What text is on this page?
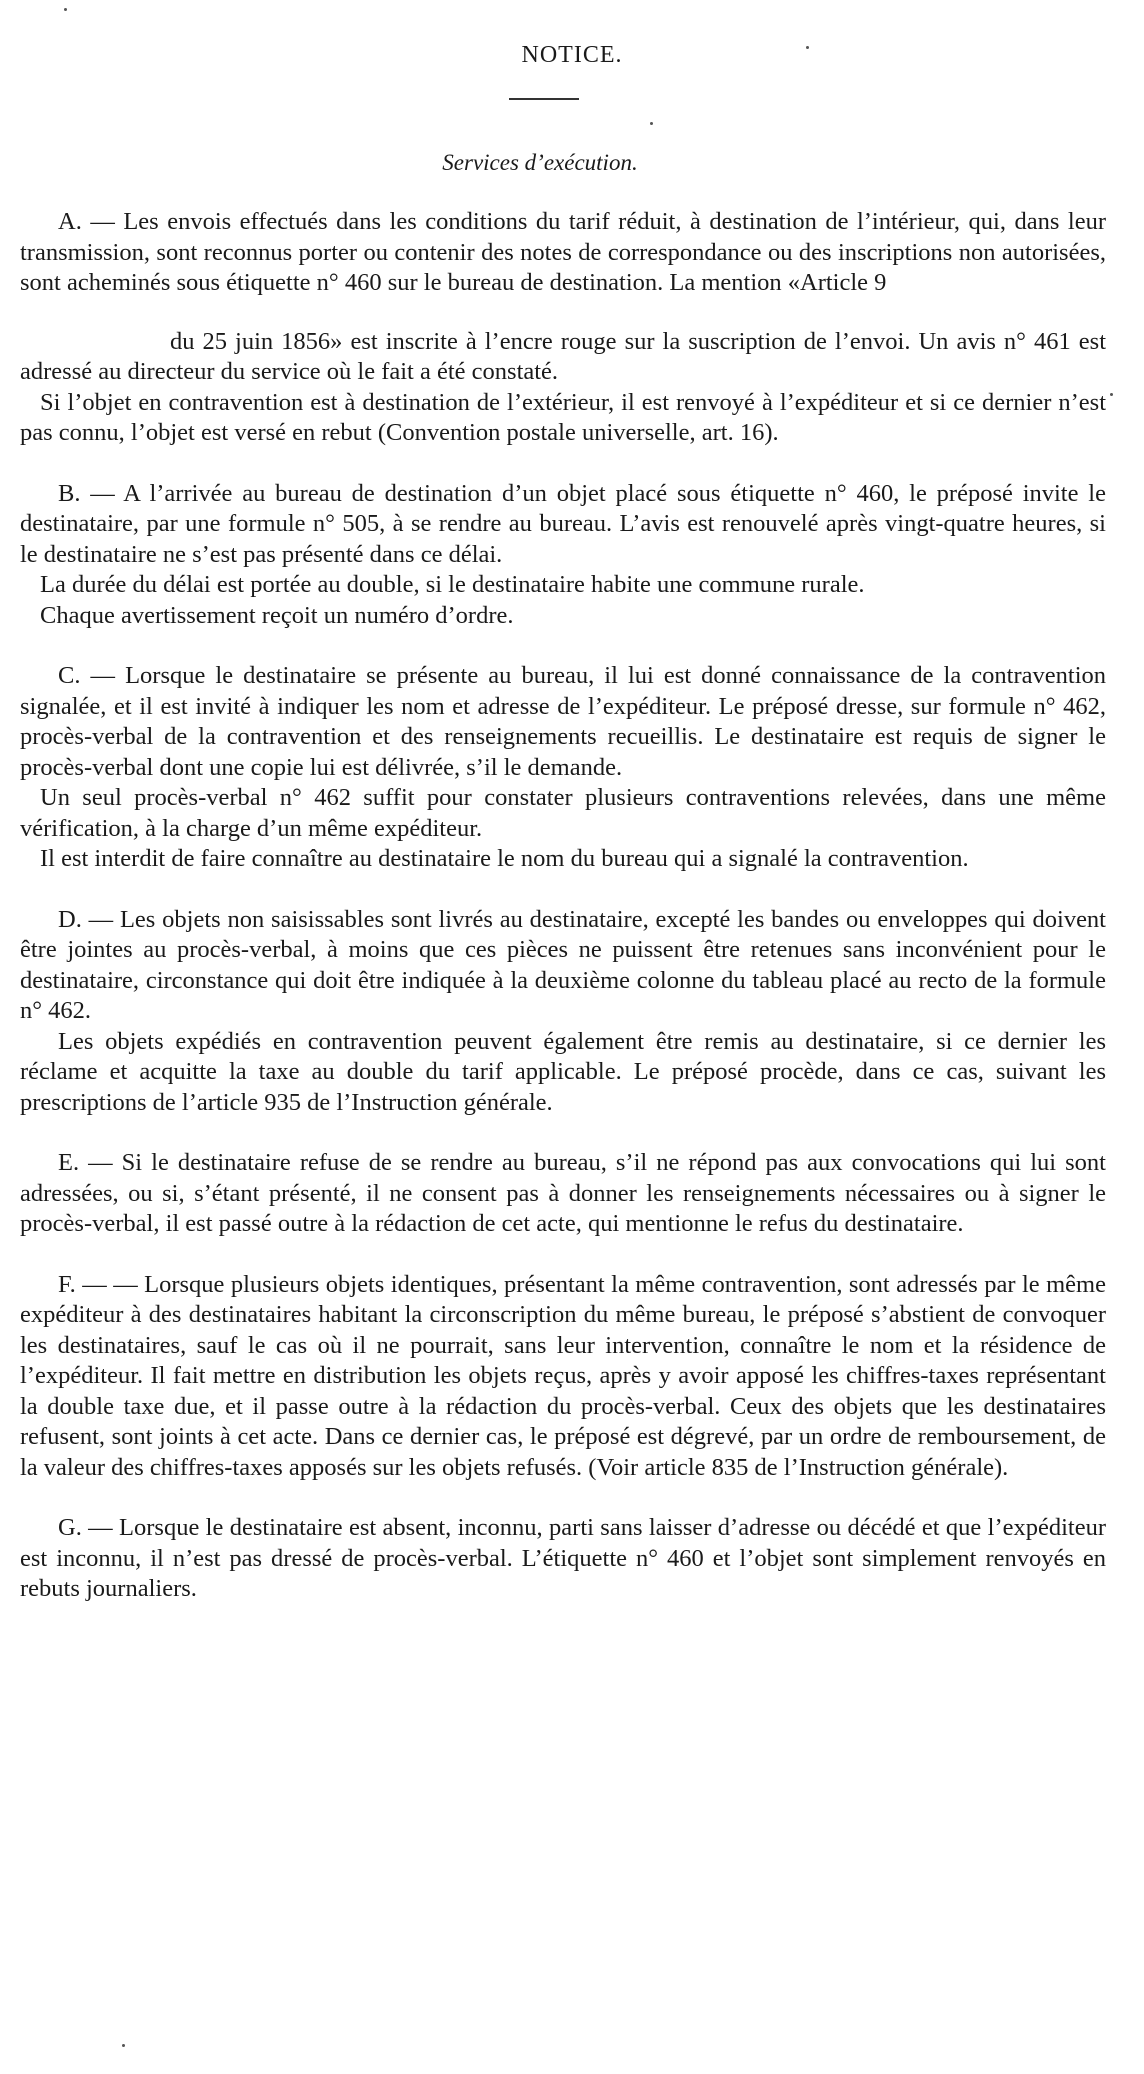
NOTICE.
Services d’exécution.

A. — Les envois effectués dans les conditions du tarif réduit, à destination de l’intérieur, qui, dans leur transmission, sont reconnus porter ou contenir des notes de correspondance ou des inscriptions non autorisées, sont acheminés sous étiquette n° 460 sur le bureau de destination. La mention «Article 9

du 25 juin 1856» est inscrite à l’encre rouge sur la suscription de l’envoi. Un avis n° 461 est adressé au directeur du service où le fait a été constaté.

Si l’objet en contravention est à destination de l’extérieur, il est renvoyé à l’expéditeur et si ce dernier n’est pas connu, l’objet est versé en rebut (Convention postale universelle, art. 16).

B. — A l’arrivée au bureau de destination d’un objet placé sous étiquette n° 460, le préposé invite le destinataire, par une formule n° 505, à se rendre au bureau. L’avis est renouvelé après vingt-quatre heures, si le destinataire ne s’est pas présenté dans ce délai.

La durée du délai est portée au double, si le destinataire habite une commune rurale.

Chaque avertissement reçoit un numéro d’ordre.

C. — Lorsque le destinataire se présente au bureau, il lui est donné connaissance de la contravention signalée, et il est invité à indiquer les nom et adresse de l’expéditeur. Le préposé dresse, sur formule n° 462, procès-verbal de la contravention et des renseignements recueillis. Le destinataire est requis de signer le procès-verbal dont une copie lui est délivrée, s’il le demande.

Un seul procès-verbal n° 462 suffit pour constater plusieurs contraventions relevées, dans une même vérification, à la charge d’un même expéditeur.

Il est interdit de faire connaître au destinataire le nom du bureau qui a signalé la contravention.

D. — Les objets non saisissables sont livrés au destinataire, excepté les bandes ou enveloppes qui doivent être jointes au procès-verbal, à moins que ces pièces ne puissent être retenues sans inconvénient pour le destinataire, circonstance qui doit être indiquée à la deuxième colonne du tableau placé au recto de la formule n° 462.

Les objets expédiés en contravention peuvent également être remis au destinataire, si ce dernier les réclame et acquitte la taxe au double du tarif applicable. Le préposé procède, dans ce cas, suivant les prescriptions de l’article 935 de l’Instruction générale.

E. — Si le destinataire refuse de se rendre au bureau, s’il ne répond pas aux convocations qui lui sont adressées, ou si, s’étant présenté, il ne consent pas à donner les renseignements nécessaires ou à signer le procès-verbal, il est passé outre à la rédaction de cet acte, qui mentionne le refus du destinataire.

F. — — Lorsque plusieurs objets identiques, présentant la même contravention, sont adressés par le même expéditeur à des destinataires habitant la circonscription du même bureau, le préposé s’abstient de convoquer les destinataires, sauf le cas où il ne pourrait, sans leur intervention, connaître le nom et la résidence de l’expéditeur. Il fait mettre en distribution les objets reçus, après y avoir apposé les chiffres-taxes représentant la double taxe due, et il passe outre à la rédaction du procès-verbal. Ceux des objets que les destinataires refusent, sont joints à cet acte. Dans ce dernier cas, le préposé est dégrevé, par un ordre de remboursement, de la valeur des chiffres-taxes apposés sur les objets refusés. (Voir article 835 de l’Instruction générale).

G. — Lorsque le destinataire est absent, inconnu, parti sans laisser d’adresse ou décédé et que l’expéditeur est inconnu, il n’est pas dressé de procès-verbal. L’étiquette n° 460 et l’objet sont simplement renvoyés en rebuts journaliers.
